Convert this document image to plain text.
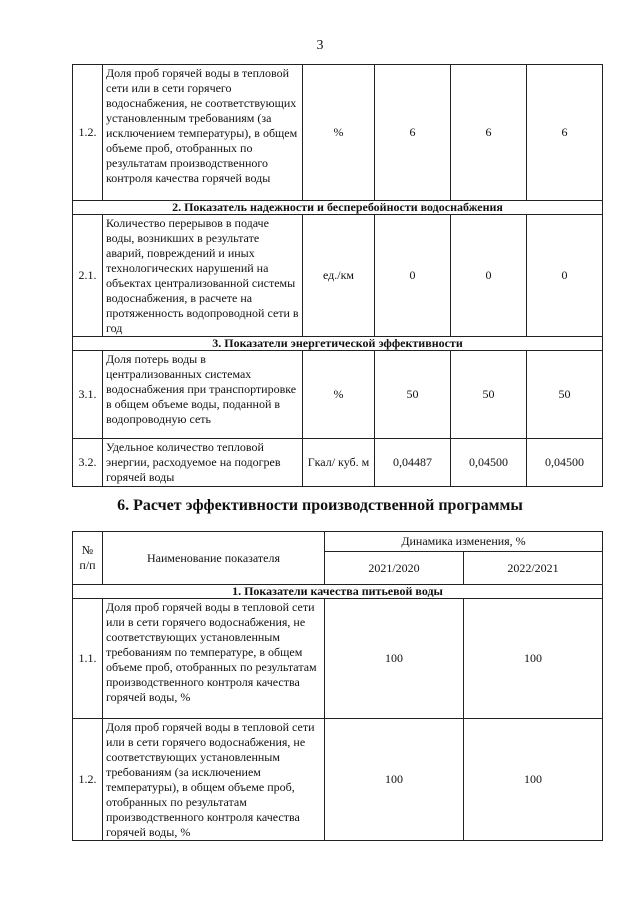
3
1.2.	Доля проб горячей воды в тепловой сети или в сети горячего водоснабжения, не соответствующих установленным требованиям (за исключением температуры), в общем объеме проб, отобранных по результатам производственного контроля качества горячей воды	%	6	6	6
2. Показатель надежности и бесперебойности водоснабжения					
2.1.	Количество перерывов в подаче воды, возникших в результате аварий, повреждений и иных технологических нарушений на объектах централизованной системы водоснабжения, в расчете на протяженность водопроводной сети в год	ед./км	0	0	0
3. Показатели энергетической эффективности					
3.1.	Доля потерь воды в централизованных системах водоснабжения при транспортировке в общем объеме воды, поданной в водопроводную сеть	%	50	50	50
3.2.	Удельное количество тепловой энергии, расходуемое на подогрев горячей воды	Гкал/ куб. м	0,04487	0,04500	0,04500
6. Расчет эффективности производственной программы
№ п/п	Наименование показателя	Динамика изменения, %	
		2021/2020	2022/2021
1. Показатели качества питьевой воды			
1.1.	Доля проб горячей воды в тепловой сети или в сети горячего водоснабжения, не соответствующих установленным требованиям по температуре, в общем объеме проб, отобранных по результатам производственного контроля качества горячей воды, %	100	100
1.2.	Доля проб горячей воды в тепловой сети или в сети горячего водоснабжения, не соответствующих установленным требованиям (за исключением температуры), в общем объеме проб, отобранных по результатам производственного контроля качества горячей воды, %	100	100
